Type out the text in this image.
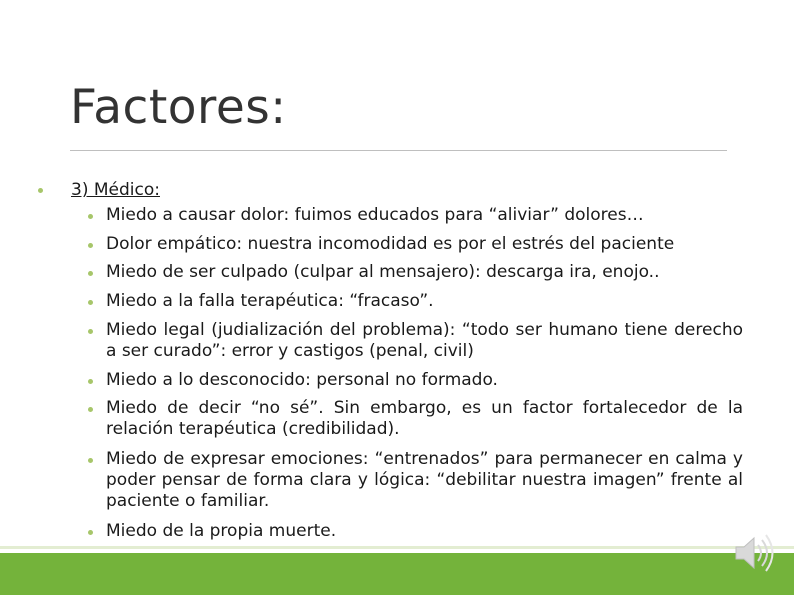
Factores:

3) Médico:

Miedo a causar dolor: fuimos educados para “aliviar” dolores…

Dolor empático: nuestra incomodidad es por el estrés del paciente

Miedo de ser culpado (culpar al mensajero): descarga ira, enojo..

Miedo a la falla terapéutica: “fracaso”.

Miedo legal (judialización del problema): “todo ser humano tiene derecho a ser curado”: error y castigos (penal, civil)

Miedo a lo desconocido: personal no formado.

Miedo de decir “no sé”. Sin embargo, es un factor fortalecedor de la relación terapéutica (credibilidad).

Miedo de expresar emociones: “entrenados” para permanecer en calma y poder pensar de forma clara y lógica: “debilitar nuestra imagen” frente al paciente o familiar.

Miedo de la propia muerte.
